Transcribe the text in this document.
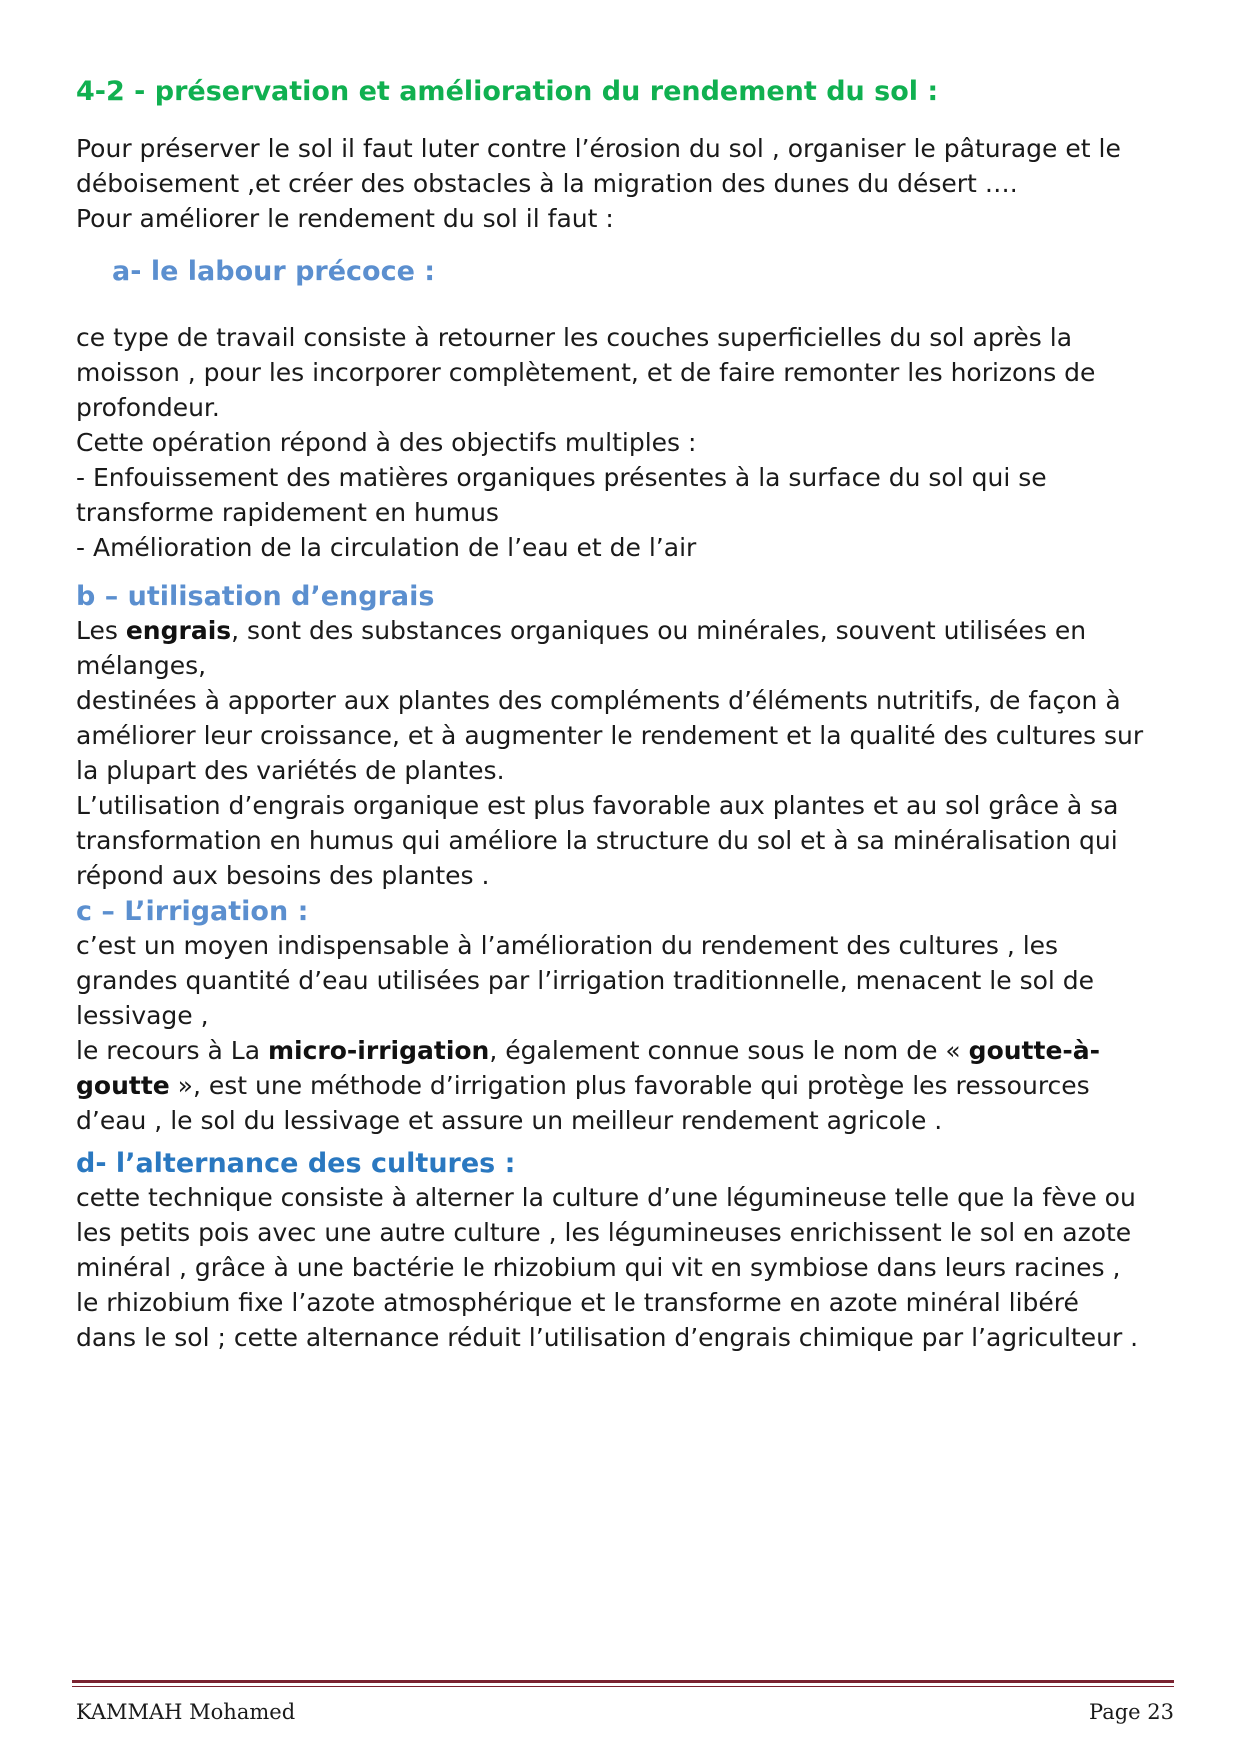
4-2 - préservation et amélioration du rendement du sol :
Pour préserver le sol il faut luter contre l’érosion du sol , organiser le pâturage et le
déboisement ,et créer des obstacles à la migration des dunes du désert ….
Pour améliorer le rendement du sol il faut :
a- le labour précoce :
ce type de travail consiste à retourner les couches superficielles du sol après la
moisson , pour les incorporer complètement, et de faire remonter les horizons de
profondeur.
Cette opération répond à des objectifs multiples :
- Enfouissement des matières organiques présentes à la surface du sol qui se
transforme rapidement en humus
- Amélioration de la circulation de l’eau et de l’air
b – utilisation d’engrais
Les engrais, sont des substances organiques ou minérales, souvent utilisées en
mélanges,
destinées à apporter aux plantes des compléments d’éléments nutritifs, de façon à
améliorer leur croissance, et à augmenter le rendement et la qualité des cultures sur
la plupart des variétés de plantes.
L’utilisation d’engrais organique est plus favorable aux plantes et au sol grâce à sa
transformation en humus qui améliore la structure du sol et à sa minéralisation qui
répond aux besoins des plantes .
c – L’irrigation :
c’est un moyen indispensable à l’amélioration du rendement des cultures , les
grandes quantité d’eau utilisées par l’irrigation traditionnelle, menacent le sol de
lessivage ,
le recours à La micro-irrigation, également connue sous le nom de « goutte-à-
goutte », est une méthode d’irrigation plus favorable qui protège les ressources
d’eau , le sol du lessivage et assure un meilleur rendement agricole .
d- l’alternance des cultures :
cette technique consiste à alterner la culture d’une légumineuse telle que la fève ou
les petits pois avec une autre culture , les légumineuses enrichissent le sol en azote
minéral , grâce à une bactérie le rhizobium qui vit en symbiose dans leurs racines ,
le rhizobium fixe l’azote atmosphérique et le transforme en azote minéral libéré
dans le sol ; cette alternance réduit l’utilisation d’engrais chimique par l’agriculteur .
KAMMAH Mohamed	Page 23
